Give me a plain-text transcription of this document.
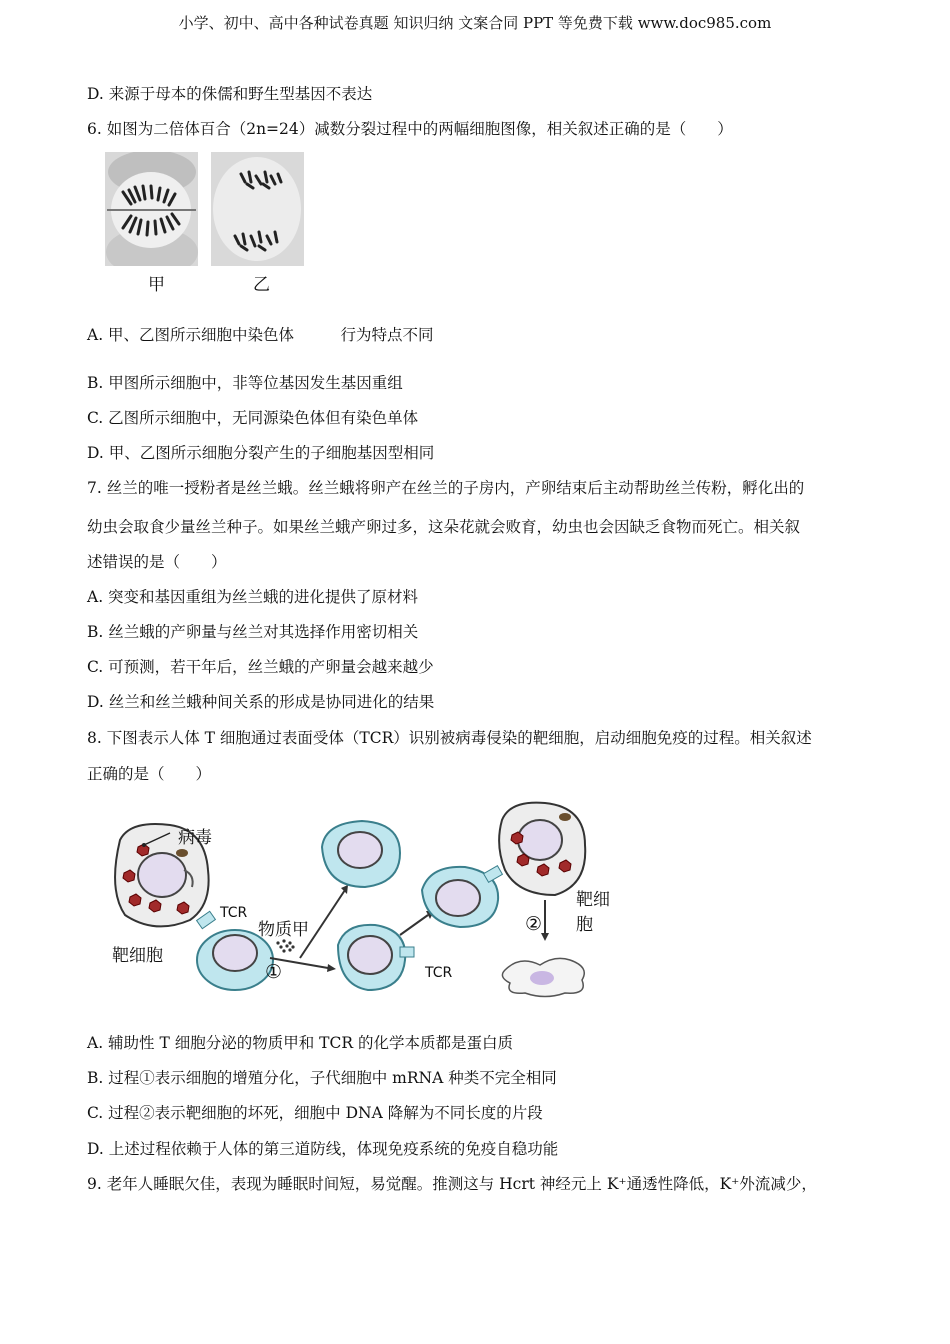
小学、初中、高中各种试卷真题 知识归纳 文案合同 PPT 等免费下载 www.doc985.com
D. 来源于母本的侏儒和野生型基因不表达
6. 如图为二倍体百合（2n=24）减数分裂过程中的两幅细胞图像，相关叙述正确的是（　　）
甲	乙
A. 甲、乙图所示细胞中染色体　　　行为特点不同
B. 甲图所示细胞中，非等位基因发生基因重组
C. 乙图所示细胞中，无同源染色体但有染色单体
D. 甲、乙图所示细胞分裂产生的子细胞基因型相同
7. 丝兰的唯一授粉者是丝兰蛾。丝兰蛾将卵产在丝兰的子房内，产卵结束后主动帮助丝兰传粉，孵化出的
幼虫会取食少量丝兰种子。如果丝兰蛾产卵过多，这朵花就会败育，幼虫也会因缺乏食物而死亡。相关叙
述错误的是（　　）
A. 突变和基因重组为丝兰蛾的进化提供了原材料
B. 丝兰蛾的产卵量与丝兰对其选择作用密切相关
C. 可预测，若干年后，丝兰蛾的产卵量会越来越少
D. 丝兰和丝兰蛾种间关系的形成是协同进化的结果
8. 下图表示人体 T 细胞通过表面受体（TCR）识别被病毒侵染的靶细胞，启动细胞免疫的过程。相关叙述
正确的是（　　）
病毒
TCR
物质甲
靶细胞
①	TCR
靶细胞
②
A. 辅助性 T 细胞分泌的物质甲和 TCR 的化学本质都是蛋白质
B. 过程①表示细胞的增殖分化，子代细胞中 mRNA 种类不完全相同
C. 过程②表示靶细胞的坏死，细胞中 DNA 降解为不同长度的片段
D. 上述过程依赖于人体的第三道防线，体现免疫系统的免疫自稳功能
9. 老年人睡眠欠佳，表现为睡眠时间短，易觉醒。推测这与 Hcrt 神经元上 K⁺通透性降低，K⁺外流减少，
